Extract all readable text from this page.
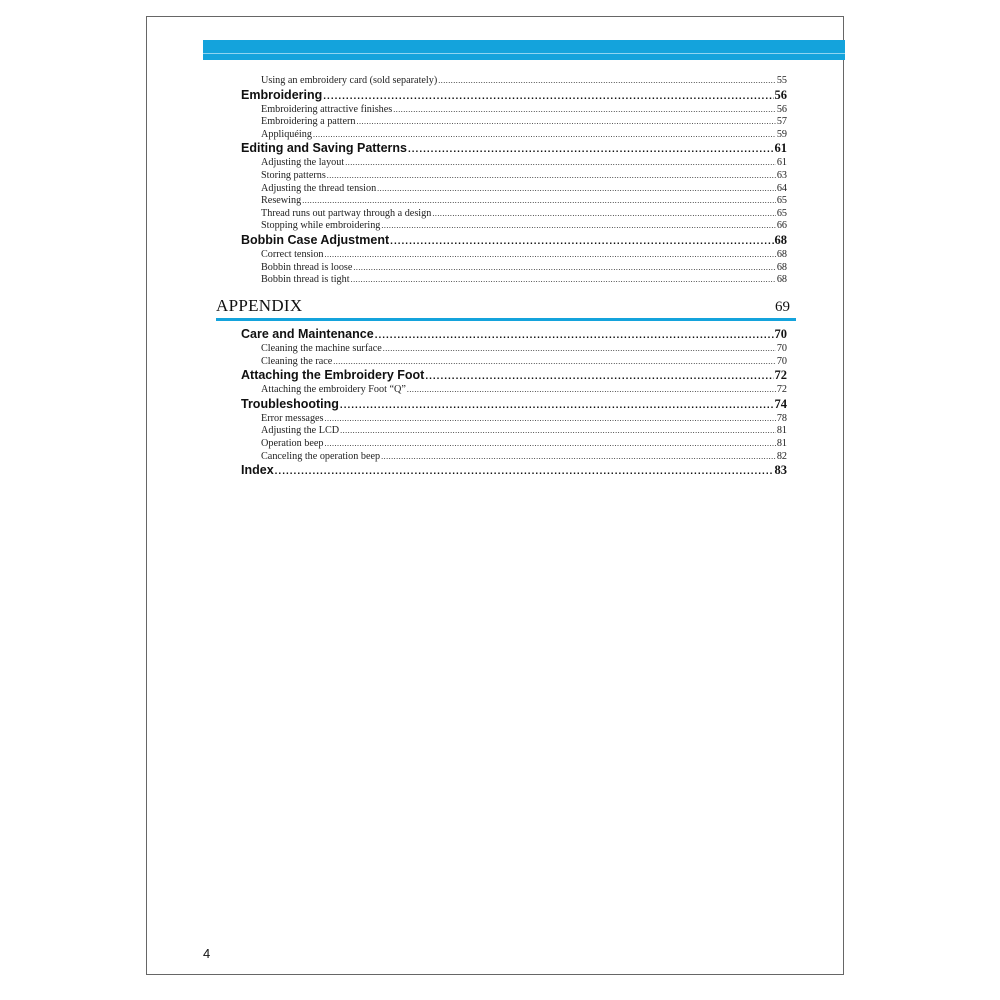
Using an embroidery card (sold separately) .....	55
Embroidering .....	56
Embroidering attractive finishes .....	56
Embroidering a pattern .....	57
Appliquéing .....	59
Editing and Saving Patterns .....	61
Adjusting the layout .....	61
Storing patterns .....	63
Adjusting the thread tension .....	64
Resewing .....	65
Thread runs out partway through a design .....	65
Stopping while embroidering .....	66
Bobbin Case Adjustment .....	68
Correct tension .....	68
Bobbin thread is loose .....	68
Bobbin thread is tight .....	68
APPENDIX	69
Care and Maintenance .....	70
Cleaning the machine surface .....	70
Cleaning the race .....	70
Attaching the Embroidery Foot .....	72
Attaching the embroidery Foot “Q” .....	72
Troubleshooting .....	74
Error messages .....	78
Adjusting the LCD .....	81
Operation beep .....	81
Canceling the operation beep .....	82
Index .....	83
4
